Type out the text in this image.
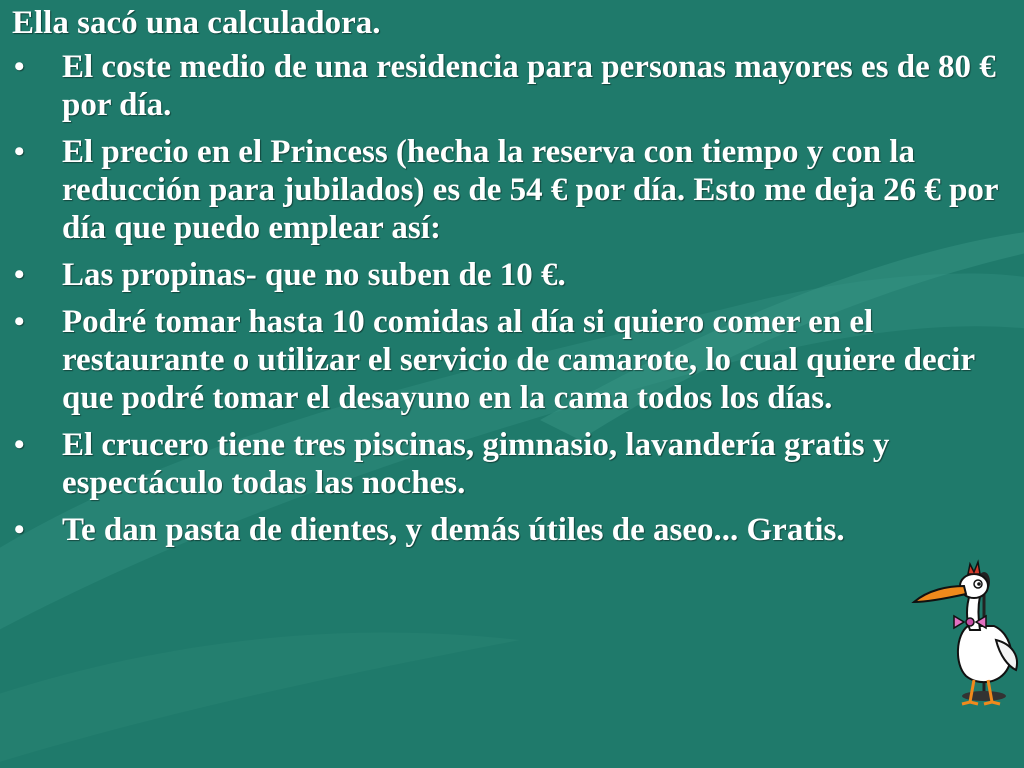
Ella sacó una calculadora.
• El coste medio de una residencia para personas mayores es de 80 € por día.
• El precio en el Princess (hecha la reserva con tiempo y con la reducción para jubilados) es de 54 € por día. Esto me deja 26 € por día que puedo emplear así:
• Las propinas- que no suben de 10 €.
• Podré tomar hasta 10 comidas al día si quiero comer en el restaurante o utilizar el servicio de camarote, lo cual quiere decir que podré tomar el desayuno en la cama todos los días.
• El crucero tiene tres piscinas, gimnasio, lavandería gratis y espectáculo todas las noches.
• Te dan pasta de dientes, y demás útiles de aseo... Gratis.
